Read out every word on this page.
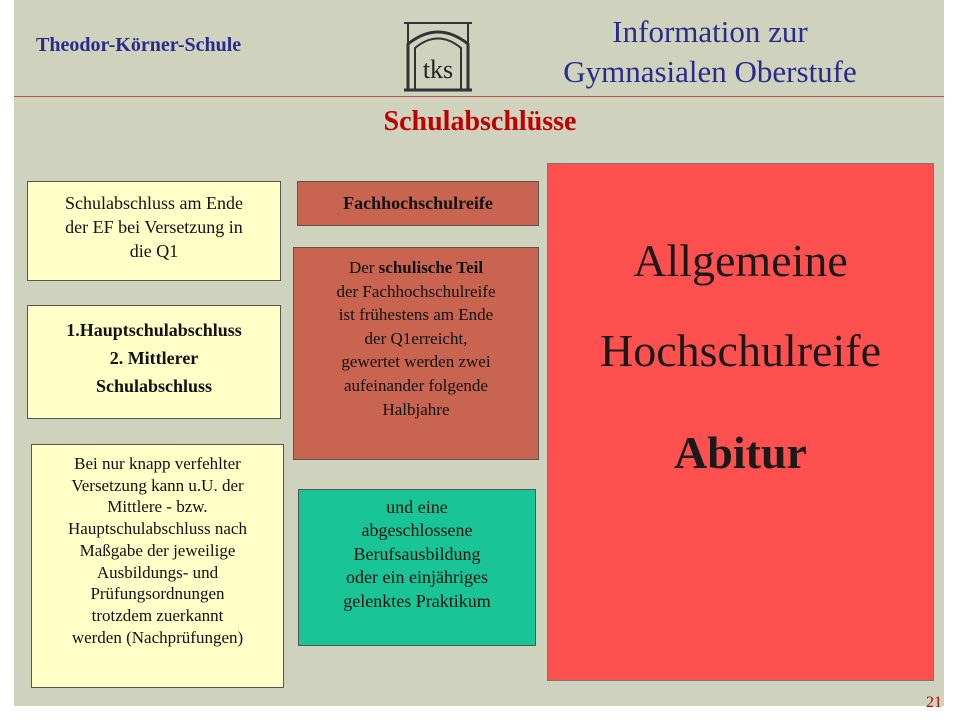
Theodor-Körner-Schule
tks
Information zur
Gymnasialen Oberstufe
Schulabschlüsse
Schulabschluss am Ende
der EF bei Versetzung in
die Q1
1.Hauptschulabschluss
2. Mittlerer
Schulabschluss
Bei nur knapp verfehlter
Versetzung kann u.U. der
Mittlere - bzw.
Hauptschulabschluss nach
Maßgabe der jeweilige
Ausbildungs- und
Prüfungsordnungen
trotzdem zuerkannt
werden (Nachprüfungen)
Fachhochschulreife
Der schulische Teil
der Fachhochschulreife
ist frühestens am Ende
der Q1erreicht,
gewertet werden zwei
aufeinander folgende
Halbjahre
und eine
abgeschlossene
Berufsausbildung
oder ein einjähriges
gelenktes Praktikum
Allgemeine
Hochschulreife
Abitur
21
